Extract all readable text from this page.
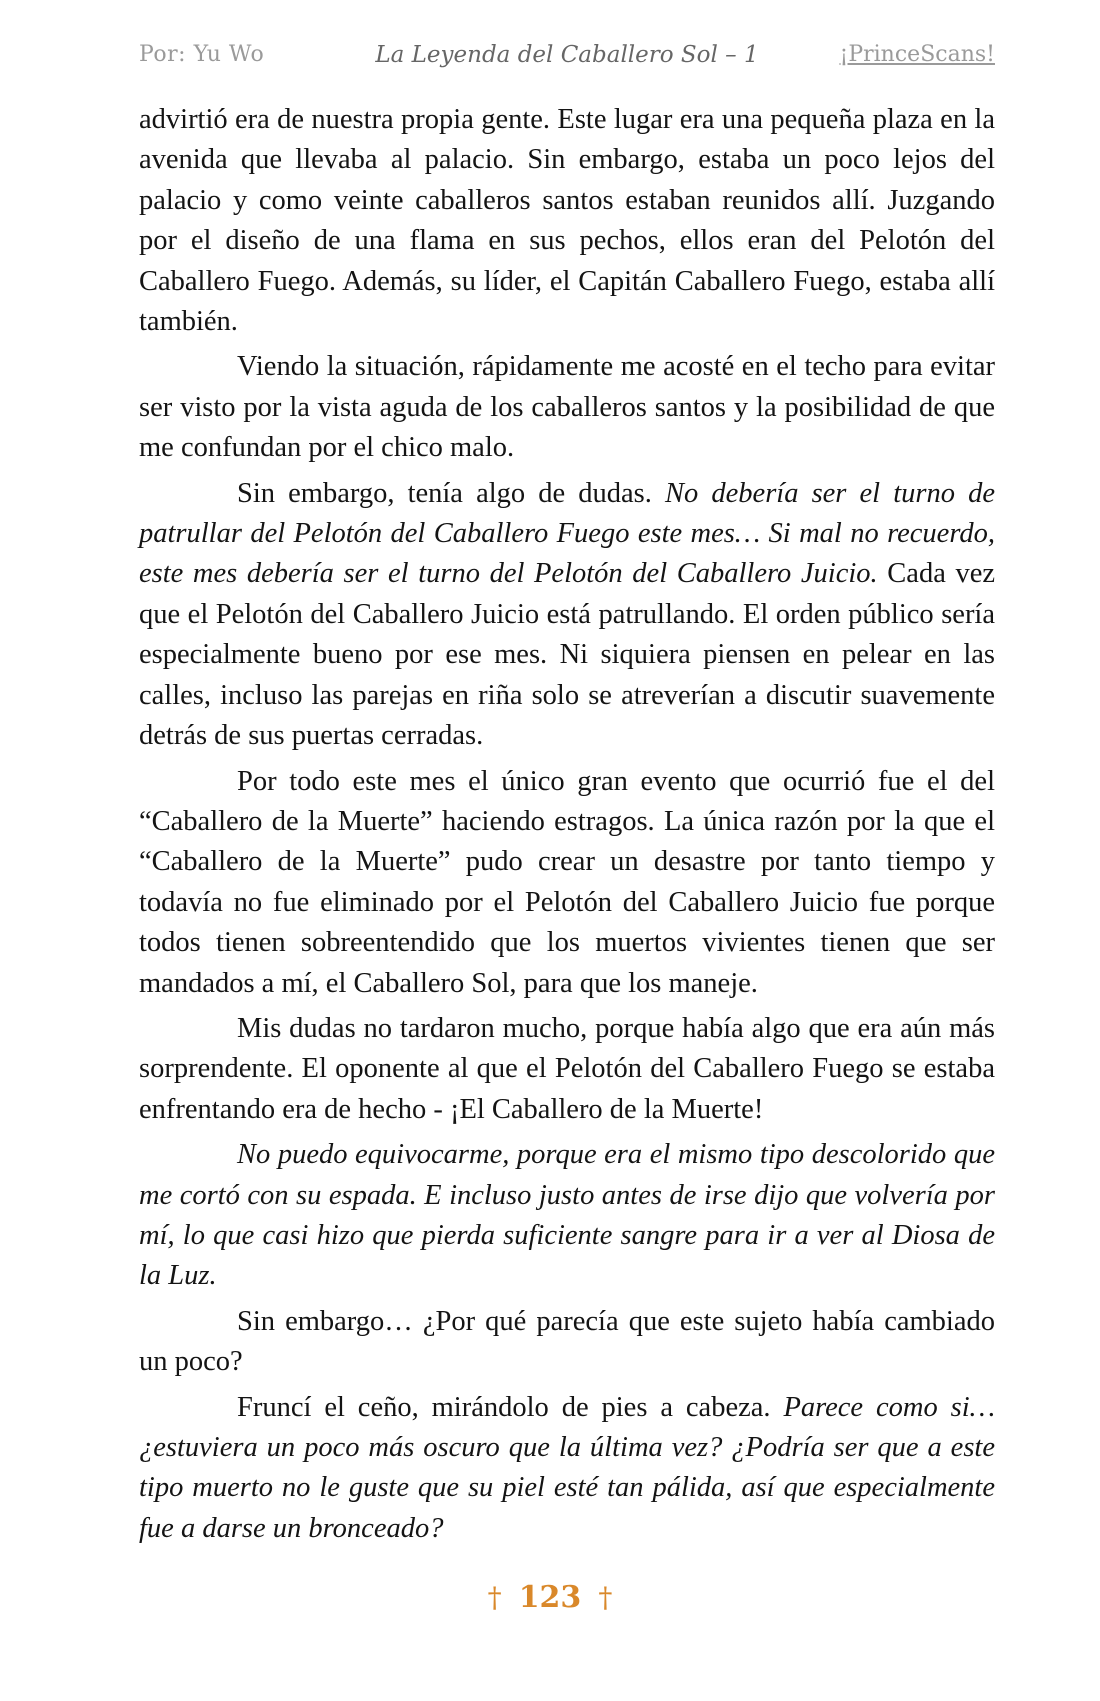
Por: Yu Wo	La Leyenda del Caballero Sol – 1	¡PrinceScans!

advirtió era de nuestra propia gente. Este lugar era una pequeña plaza en la avenida que llevaba al palacio. Sin embargo, estaba un poco lejos del palacio y como veinte caballeros santos estaban reunidos allí. Juzgando por el diseño de una flama en sus pechos, ellos eran del Pelotón del Caballero Fuego. Además, su líder, el Capitán Caballero Fuego, estaba allí también.

Viendo la situación, rápidamente me acosté en el techo para evitar ser visto por la vista aguda de los caballeros santos y la posibilidad de que me confundan por el chico malo.

Sin embargo, tenía algo de dudas. No debería ser el turno de patrullar del Pelotón del Caballero Fuego este mes… Si mal no recuerdo, este mes debería ser el turno del Pelotón del Caballero Juicio. Cada vez que el Pelotón del Caballero Juicio está patrullando. El orden público sería especialmente bueno por ese mes. Ni siquiera piensen en pelear en las calles, incluso las parejas en riña solo se atreverían a discutir suavemente detrás de sus puertas cerradas.

Por todo este mes el único gran evento que ocurrió fue el del “Caballero de la Muerte” haciendo estragos. La única razón por la que el “Caballero de la Muerte” pudo crear un desastre por tanto tiempo y todavía no fue eliminado por el Pelotón del Caballero Juicio fue porque todos tienen sobreentendido que los muertos vivientes tienen que ser mandados a mí, el Caballero Sol, para que los maneje.

Mis dudas no tardaron mucho, porque había algo que era aún más sorprendente. El oponente al que el Pelotón del Caballero Fuego se estaba enfrentando era de hecho - ¡El Caballero de la Muerte!

No puedo equivocarme, porque era el mismo tipo descolorido que me cortó con su espada. E incluso justo antes de irse dijo que volvería por mí, lo que casi hizo que pierda suficiente sangre para ir a ver al Diosa de la Luz.

Sin embargo… ¿Por qué parecía que este sujeto había cambiado un poco?

Fruncí el ceño, mirándolo de pies a cabeza. Parece como si… ¿estuviera un poco más oscuro que la última vez? ¿Podría ser que a este tipo muerto no le guste que su piel esté tan pálida, así que especialmente fue a darse un bronceado?

† 123 †
